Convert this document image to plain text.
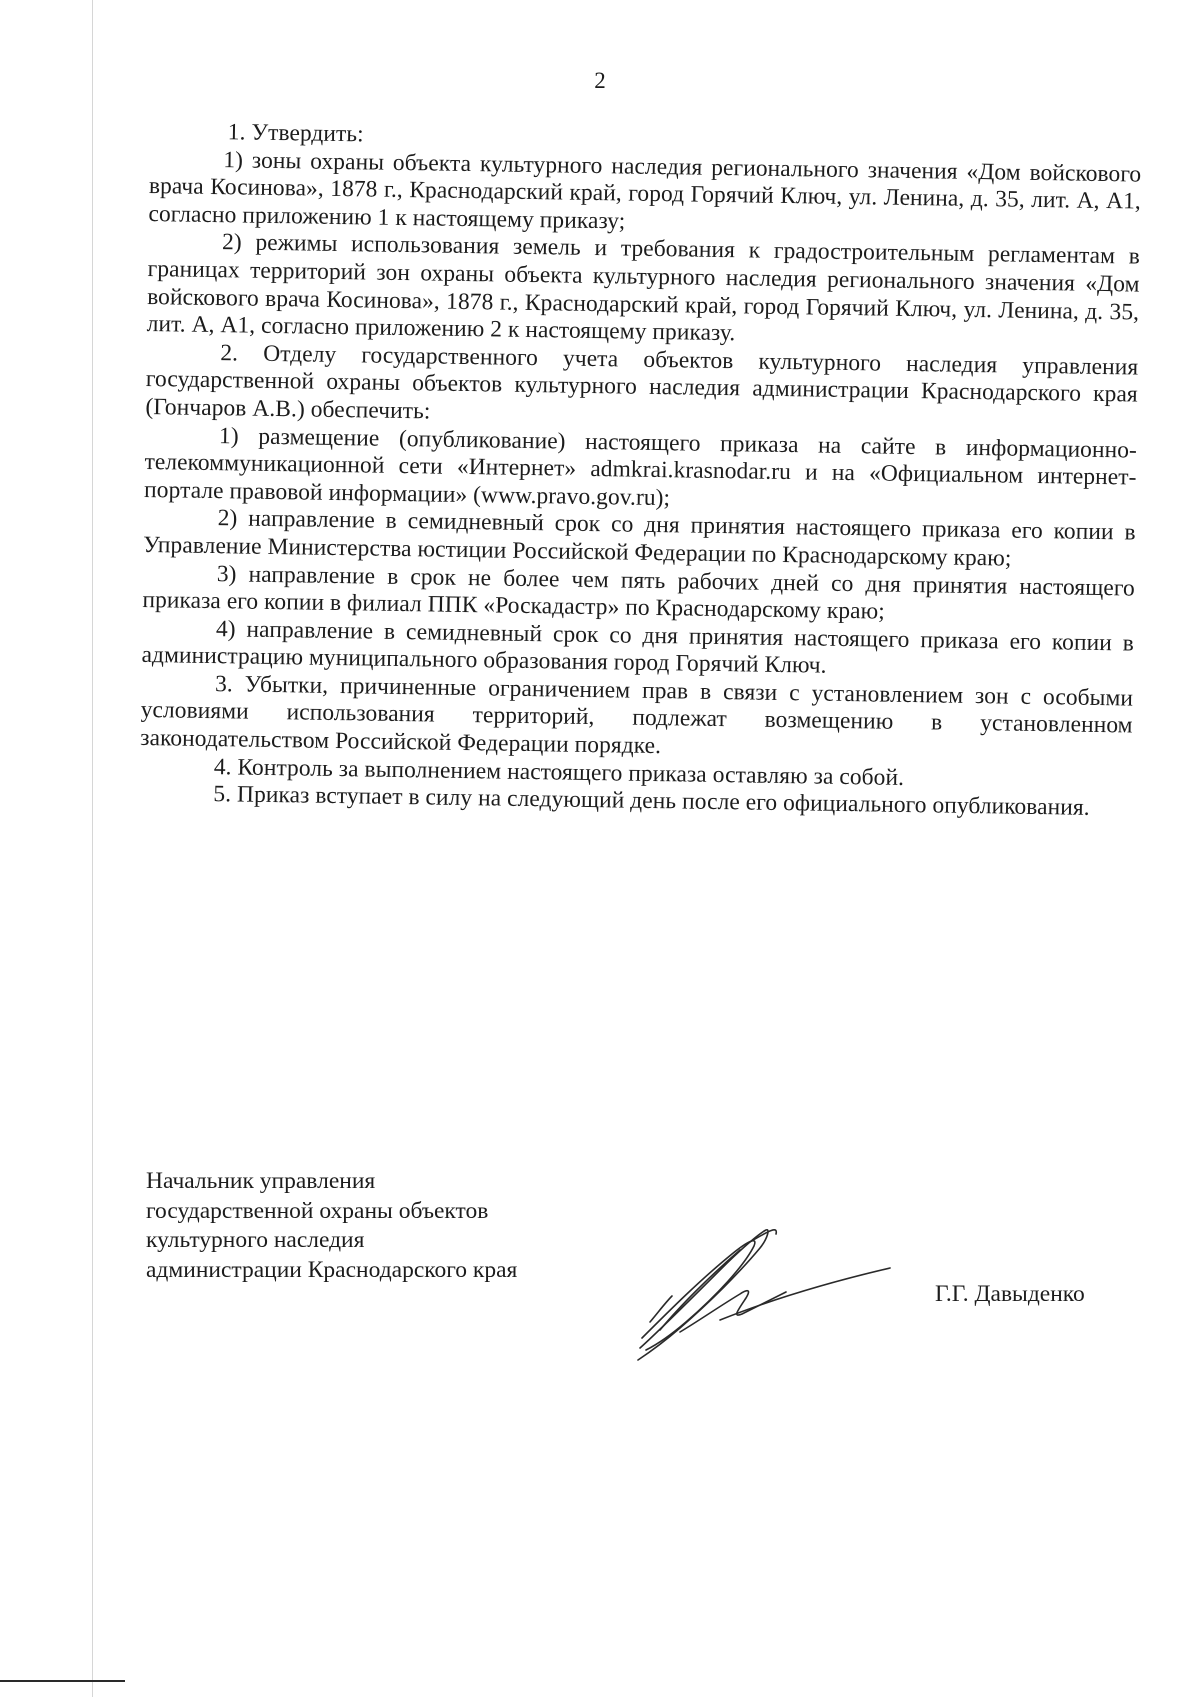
2

1. Утвердить:

1) зоны охраны объекта культурного наследия регионального значения «Дом войскового врача Косинова», 1878 г., Краснодарский край, город Горячий Ключ, ул. Ленина, д. 35, лит. А, А1, согласно приложению 1 к настоящему приказу;

2) режимы использования земель и требования к градостроительным регламентам в границах территорий зон охраны объекта культурного наследия регионального значения «Дом войскового врача Косинова», 1878 г., Краснодарский край, город Горячий Ключ, ул. Ленина, д. 35, лит. А, А1, согласно приложению 2 к настоящему приказу.

2. Отделу государственного учета объектов культурного наследия управления государственной охраны объектов культурного наследия администрации Краснодарского края (Гончаров А.В.) обеспечить:

1) размещение (опубликование) настоящего приказа на сайте в информационно-телекоммуникационной сети «Интернет» admkrai.krasnodar.ru и на «Официальном интернет-портале правовой информации» (www.pravo.gov.ru);

2) направление в семидневный срок со дня принятия настоящего приказа его копии в Управление Министерства юстиции Российской Федерации по Краснодарскому краю;

3) направление в срок не более чем пять рабочих дней со дня принятия настоящего приказа его копии в филиал ППК «Роскадастр» по Краснодарскому краю;

4) направление в семидневный срок со дня принятия настоящего приказа его копии в администрацию муниципального образования город Горячий Ключ.

3. Убытки, причиненные ограничением прав в связи с установлением зон с особыми условиями использования территорий, подлежат возмещению в установленном законодательством Российской Федерации порядке.

4. Контроль за выполнением настоящего приказа оставляю за собой.

5. Приказ вступает в силу на следующий день после его официального опубликования.

Начальник управления
государственной охраны объектов
культурного наследия
администрации Краснодарского края
Г.Г. Давыденко
